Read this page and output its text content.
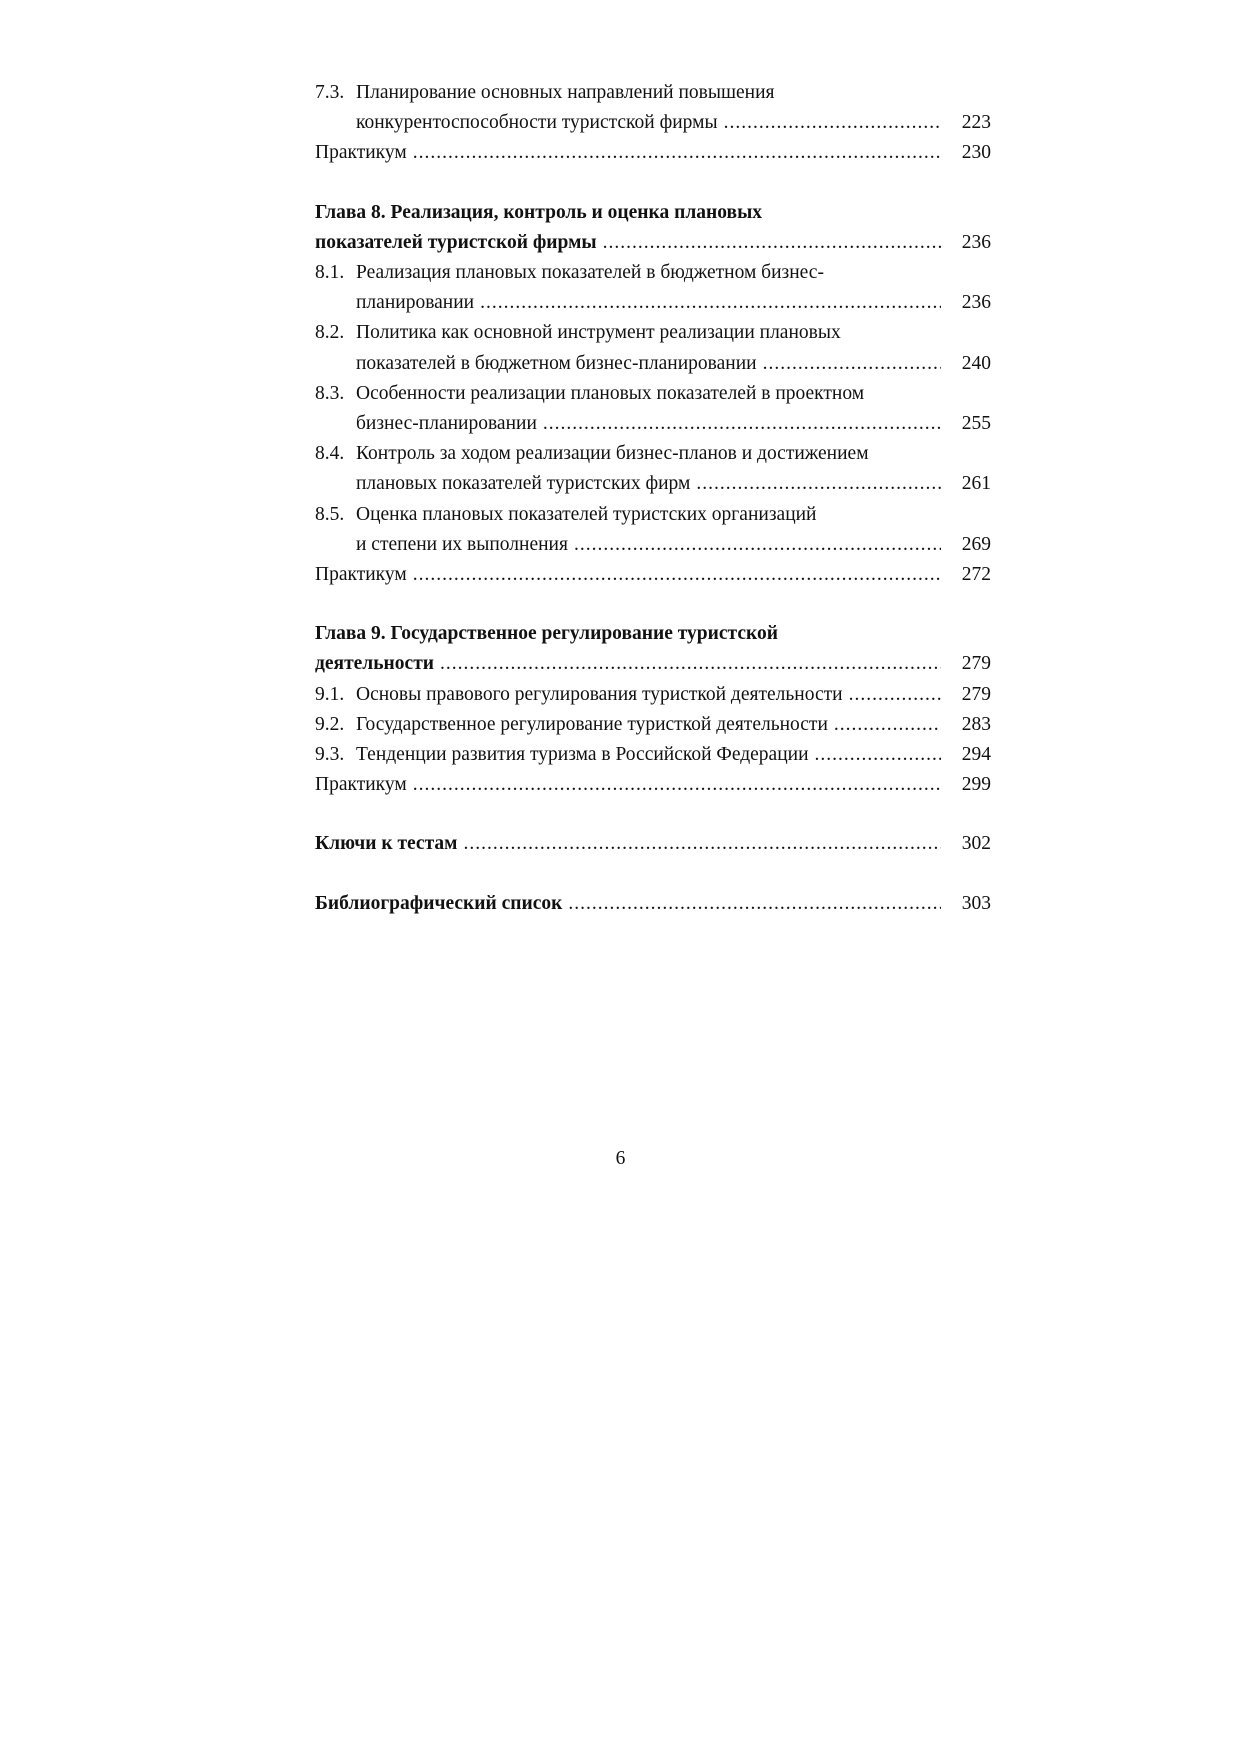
7.3. Планирование основных направлений повышения
конкурентоспособности туристской фирмы .....	223
Практикум .....	230
Глава 8. Реализация, контроль и оценка плановых
показателей туристской фирмы .....	236
8.1. Реализация плановых показателей в бюджетном бизнес-
планировании .....	236
8.2. Политика как основной инструмент реализации плановых
показателей в бюджетном бизнес-планировании .....	240
8.3. Особенности реализации плановых показателей в проектном
бизнес-планировании .....	255
8.4. Контроль за ходом реализации бизнес-планов и достижением
плановых показателей туристских фирм .....	261
8.5. Оценка плановых показателей туристских организаций
и степени их выполнения .....	269
Практикум .....	272
Глава 9. Государственное регулирование туристской
деятельности .....	279
9.1. Основы правового регулирования туристкой деятельности .....	279
9.2. Государственное регулирование туристкой деятельности .....	283
9.3. Тенденции развития туризма в Российской Федерации .....	294
Практикум .....	299
Ключи к тестам .....	302
Библиографический список .....	303
6
